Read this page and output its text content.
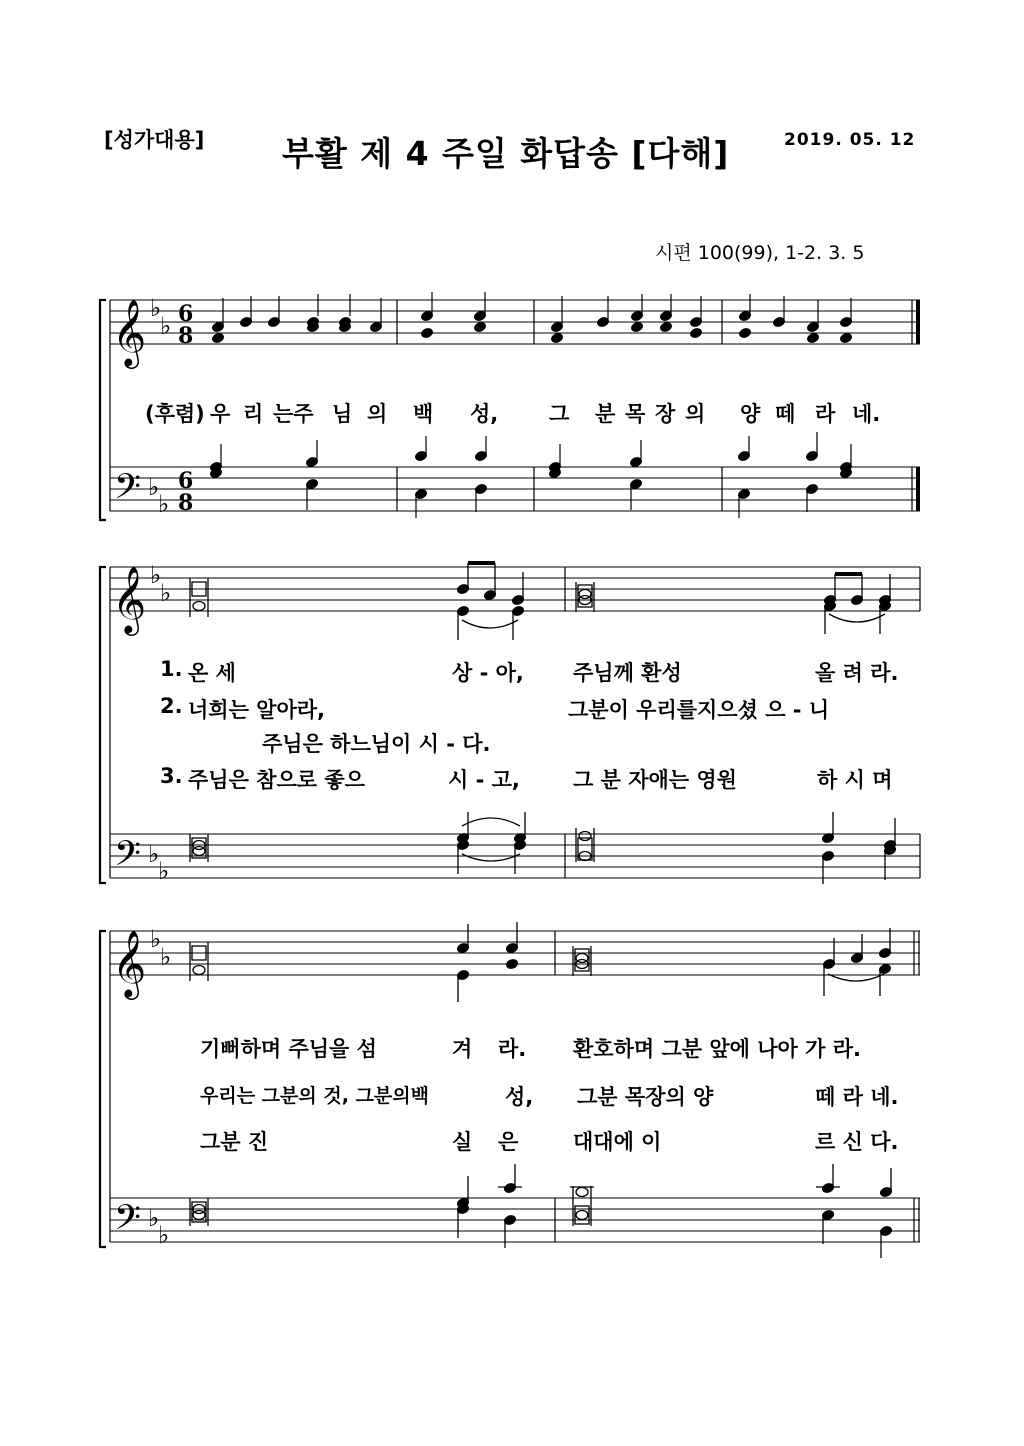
[성가대용] 부활 제 4 주일 화답송 [다해]	2019. 05. 12
시편 100(99), 1-2. 3. 5
(후렴) 우 리 는주 님 의 백 성, 그 분 목 장 의 양 떼 라 네.
1. 온 세	상 - 아, 주님께 환성	올 려 라.
2. 너희는 알아라,	그분이 우리를지으셨 으 - 니
주님은 하느님이 시 - 다.
3. 주님은 참으로 좋으	시 - 고,	그 분 자애는 영원	하 시 며
기뻐하며 주님을 섬	겨 라. 환호하며 그분 앞에 나아 가 라.
우리는 그분의 것, 그분의백	성, 그분 목장의 양	떼 라 네.
그분 진	실 은	대대에 이	르 신 다.
𝄞
𝄢
♭
♭
♭
♭
6
8
6
8
𝄞
𝄢
♭
♭
♭
♭
𝄞
𝄢
♭
♭
♭
♭
